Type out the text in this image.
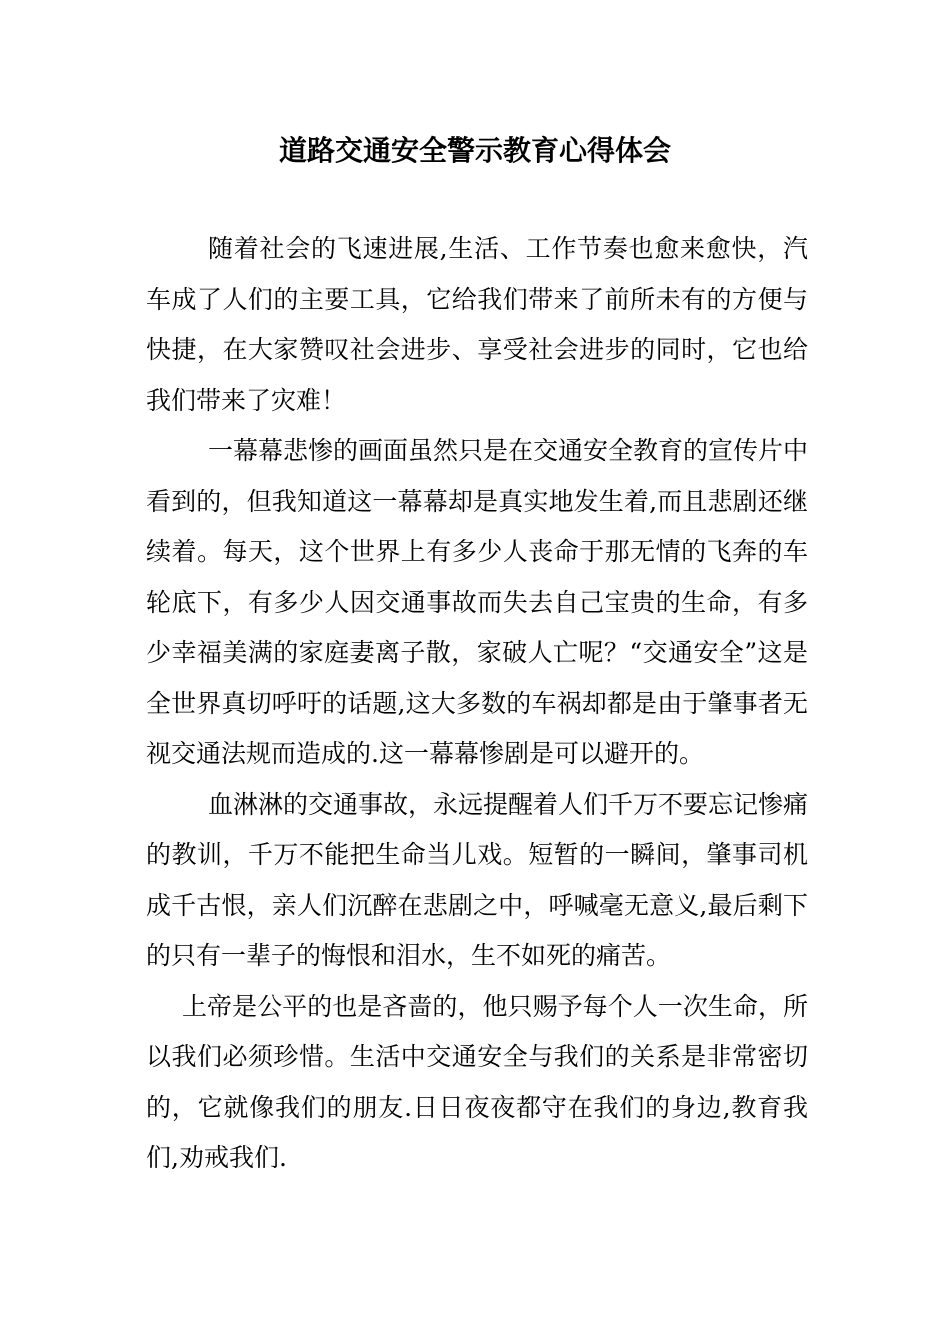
道路交通安全警示教育心得体会

随着社会的飞速进展,生活、工作节奏也愈来愈快，汽车成了人们的主要工具，它给我们带来了前所未有的方便与快捷，在大家赞叹社会进步、享受社会进步的同时，它也给我们带来了灾难！

一幕幕悲惨的画面虽然只是在交通安全教育的宣传片中看到的，但我知道这一幕幕却是真实地发生着,而且悲剧还继续着。每天，这个世界上有多少人丧命于那无情的飞奔的车轮底下，有多少人因交通事故而失去自己宝贵的生命，有多少幸福美满的家庭妻离子散，家破人亡呢？“交通安全”这是全世界真切呼吁的话题,这大多数的车祸却都是由于肇事者无视交通法规而造成的.这一幕幕惨剧是可以避开的。

血淋淋的交通事故，永远提醒着人们千万不要忘记惨痛的教训，千万不能把生命当儿戏。短暂的一瞬间，肇事司机成千古恨，亲人们沉醉在悲剧之中，呼喊毫无意义,最后剩下的只有一辈子的悔恨和泪水，生不如死的痛苦。

上帝是公平的也是吝啬的，他只赐予每个人一次生命，所以我们必须珍惜。生活中交通安全与我们的关系是非常密切的，它就像我们的朋友.日日夜夜都守在我们的身边,教育我们,劝戒我们.
